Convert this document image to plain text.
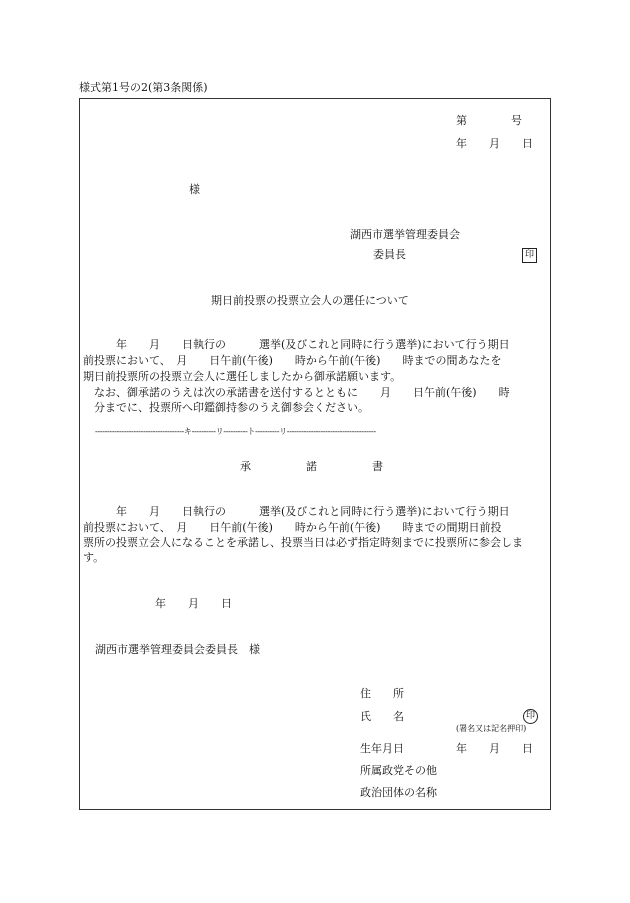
様式第1号の2(第3条関係)
第　　　　号
年　　月　　日
様
湖西市選挙管理委員会
委員長	印
期日前投票の投票立会人の選任について
　　　年　　月　　日執行の　　　選挙(及びこれと同時に行う選挙)において行う期日
前投票において、　月　　日午前(午後)　　時から午前(午後)　　時までの間あなたを
期日前投票所の投票立会人に選任しましたから御承諾願います。
　なお、御承諾のうえは次の承諾書を送付するとともに　　月　　日午前(午後)　　時
　分までに、投票所へ印鑑御持参のうえ御参会ください。
-------------------------------------キ----------リ----------ト----------リ-------------------------------------
承　　　　　諾　　　　　書
　　　年　　月　　日執行の　　　選挙(及びこれと同時に行う選挙)において行う期日
前投票において、　月　　日午前(午後)　　時から午前(午後)　　時までの間期日前投
票所の投票立会人になることを承諾し、投票当日は必ず指定時刻までに投票所に参会しま
す。
年　　月　　日
湖西市選挙管理委員会委員長　様
住　　所
氏　　名	印
(署名又は記名押印)
生年月日	年　　月　　日
所属政党その他
政治団体の名称
